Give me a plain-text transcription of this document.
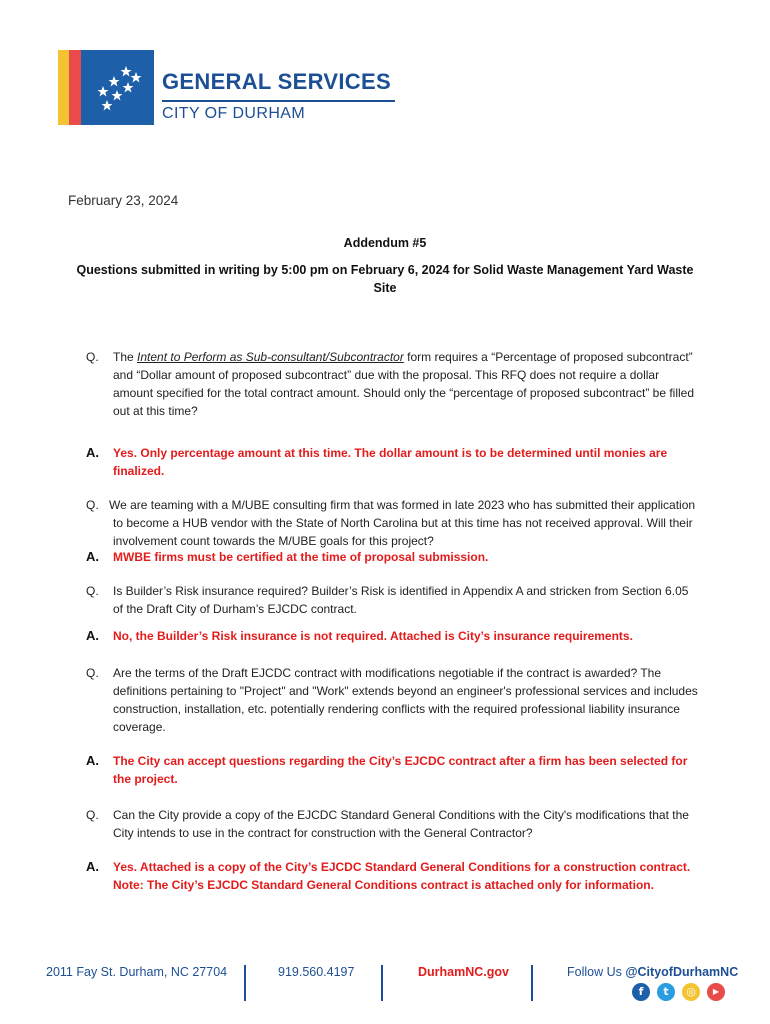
GENERAL SERVICES
CITY OF DURHAM
February 23, 2024
Addendum #5
Questions submitted in writing by 5:00 pm on February 6, 2024 for Solid Waste Management Yard Waste Site
Q. The Intent to Perform as Sub-consultant/Subcontractor form requires a “Percentage of proposed subcontract” and “Dollar amount of proposed subcontract” due with the proposal. This RFQ does not require a dollar amount specified for the total contract amount. Should only the “percentage of proposed subcontract” be filled out at this time?
A. Yes. Only percentage amount at this time. The dollar amount is to be determined until monies are finalized.
Q. We are teaming with a M/UBE consulting firm that was formed in late 2023 who has submitted their application to become a HUB vendor with the State of North Carolina but at this time has not received approval. Will their involvement count towards the M/UBE goals for this project?
A. MWBE firms must be certified at the time of proposal submission.
Q. Is Builder’s Risk insurance required? Builder’s Risk is identified in Appendix A and stricken from Section 6.05 of the Draft City of Durham’s EJCDC contract.
A. No, the Builder’s Risk insurance is not required. Attached is City’s insurance requirements.
Q. Are the terms of the Draft EJCDC contract with modifications negotiable if the contract is awarded? The definitions pertaining to "Project" and "Work" extends beyond an engineer's professional services and includes construction, installation, etc. potentially rendering conflicts with the required professional liability insurance coverage.
A. The City can accept questions regarding the City’s EJCDC contract after a firm has been selected for the project.
Q. Can the City provide a copy of the EJCDC Standard General Conditions with the City's modifications that the City intends to use in the contract for construction with the General Contractor?
A. Yes. Attached is a copy of the City’s EJCDC Standard General Conditions for a construction contract.
Note: The City’s EJCDC Standard General Conditions contract is attached only for information.
2011 Fay St. Durham, NC 27704	919.560.4197	DurhamNC.gov	Follow Us @CityofDurhamNC
f	t	◎	▶
